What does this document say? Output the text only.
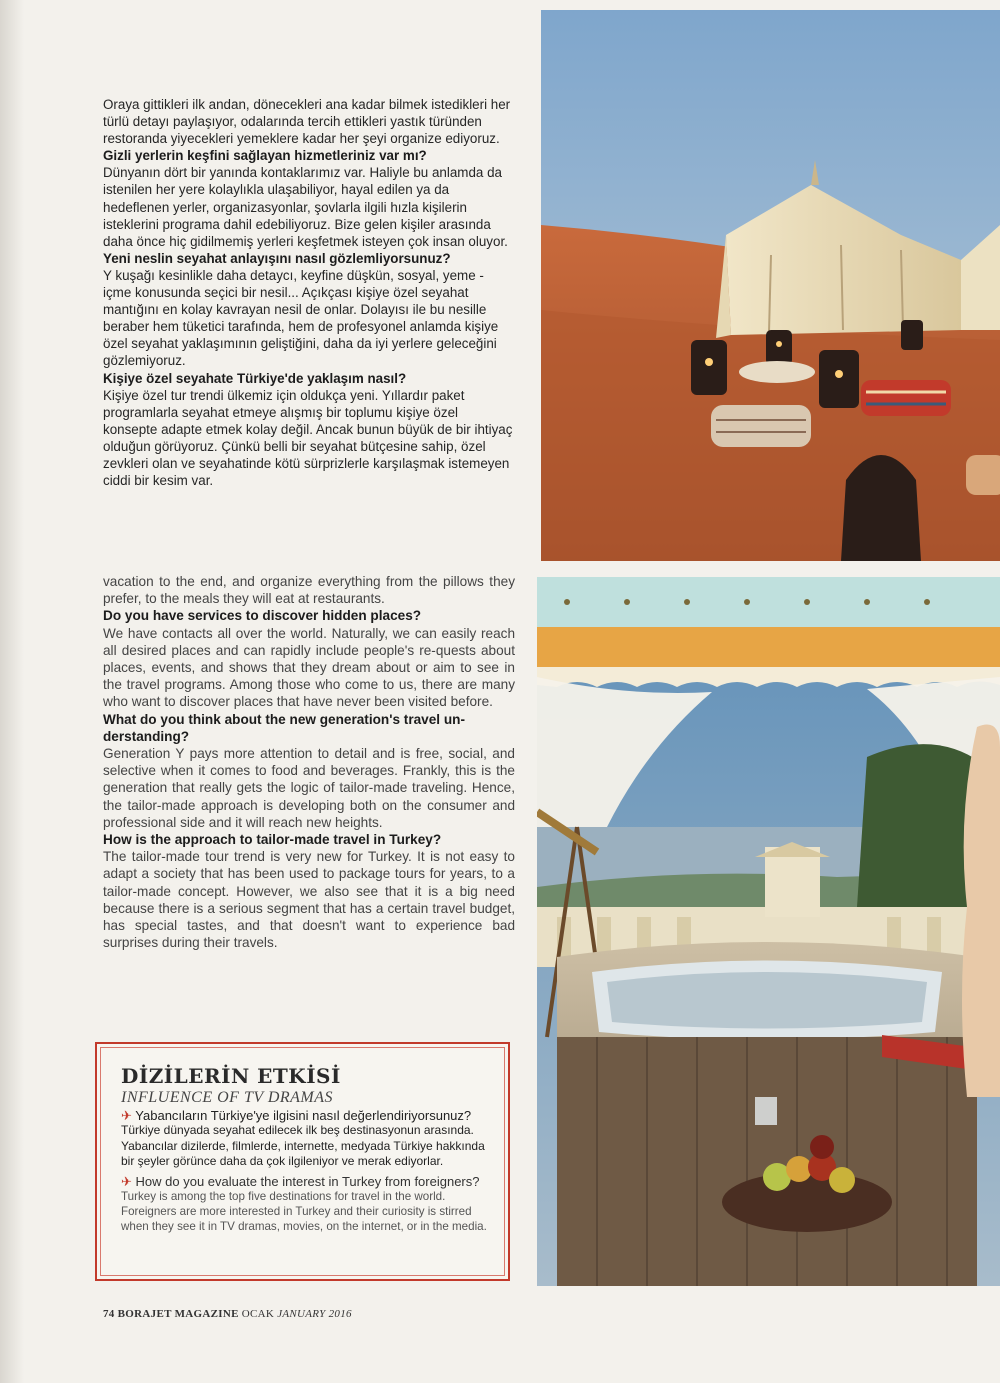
Oraya gittikleri ilk andan, dönecekleri ana kadar bilmek istedikleri her türlü detayı paylaşıyor, odalarında tercih ettikleri yastık türünden restoranda yiyecekleri yemeklere kadar her şeyi organize ediyoruz.

Gizli yerlerin keşfini sağlayan hizmetleriniz var mı?

Dünyanın dört bir yanında kontaklarımız var. Haliyle bu anlamda da istenilen her yere kolaylıkla ulaşabiliyor, hayal edilen ya da hedeflenen yerler, organizasyonlar, şovlarla ilgili hızla kişilerin isteklerini programa dahil edebiliyoruz. Bize gelen kişiler arasında daha önce hiç gidilmemiş yerleri keşfetmek isteyen çok insan oluyor.

Yeni neslin seyahat anlayışını nasıl gözlemliyorsunuz?

Y kuşağı kesinlikle daha detaycı, keyfine düşkün, sosyal, yeme - içme konusunda seçici bir nesil... Açıkçası kişiye özel seyahat mantığını en kolay kavrayan nesil de onlar. Dolayısı ile bu nesille beraber hem tüketici tarafında, hem de profesyonel anlamda kişiye özel seyahat yaklaşımının geliştiğini, daha da iyi yerlere geleceğini gözlemiyoruz.

Kişiye özel seyahate Türkiye'de yaklaşım nasıl?

Kişiye özel tur trendi ülkemiz için oldukça yeni. Yıllardır paket programlarla seyahat etmeye alışmış bir toplumu kişiye özel konsepte adapte etmek kolay değil. Ancak bunun büyük de bir ihtiyaç olduğun görüyoruz. Çünkü belli bir seyahat bütçesine sahip, özel zevkleri olan ve seyahatinde kötü sürprizlerle karşılaşmak istemeyen ciddi bir kesim var.

vacation to the end, and organize everything from the pillows they prefer, to the meals they will eat at restaurants.

Do you have services to discover hidden places?

We have contacts all over the world. Naturally, we can easily reach all desired places and can rapidly include people's re-quests about places, events, and shows that they dream about or aim to see in the travel programs. Among those who come to us, there are many who want to discover places that have never been visited before.

What do you think about the new generation's travel un-derstanding?

Generation Y pays more attention to detail and is free, social, and selective when it comes to food and beverages. Frankly, this is the generation that really gets the logic of tailor-made traveling. Hence, the tailor-made approach is developing both on the consumer and professional side and it will reach new heights.

How is the approach to tailor-made travel in Turkey?

The tailor-made tour trend is very new for Turkey. It is not easy to adapt a society that has been used to package tours for years, to a tailor-made concept. However, we also see that it is a big need because there is a serious segment that has a certain travel budget, has special tastes, and that doesn't want to experience bad surprises during their travels.

DİZİLERİN ETKİSİ
INFLUENCE OF TV DRAMAS

✈ Yabancıların Türkiye'ye ilgisini nasıl değerlendiriyorsunuz?

Türkiye dünyada seyahat edilecek ilk beş destinasyonun arasında. Yabancılar dizilerde, filmlerde, internette, medyada Türkiye hakkında bir şeyler görünce daha da çok ilgileniyor ve merak ediyorlar.

✈ How do you evaluate the interest in Turkey from foreigners?

Turkey is among the top five destinations for travel in the world. Foreigners are more interested in Turkey and their curiosity is stirred when they see it in TV dramas, movies, on the internet, or in the media.

74 BORAJET MAGAZINE OCAK JANUARY 2016
